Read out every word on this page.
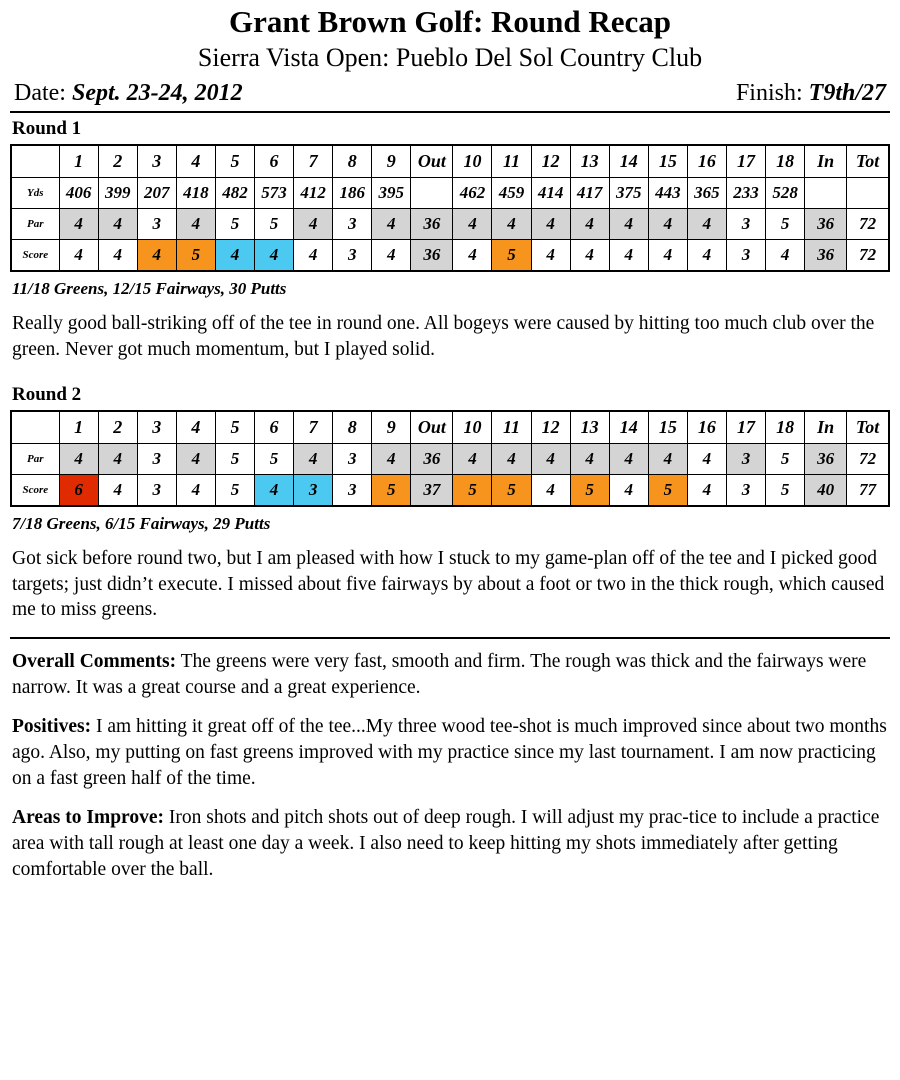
Grant Brown Golf: Round Recap
Sierra Vista Open: Pueblo Del Sol Country Club
Date: Sept. 23-24, 2012	Finish: T9th/27
Round 1
	1	2	3	4	5	6	7	8	9	Out	10	11	12	13	14	15	16	17	18	In	Tot
Yds	406	399	207	418	482	573	412	186	395		462	459	414	417	375	443	365	233	528		
Par	4	4	3	4	5	5	4	3	4	36	4	4	4	4	4	4	4	3	5	36	72
Score	4	4	4	5	4	4	4	3	4	36	4	5	4	4	4	4	4	3	4	36	72
11/18 Greens, 12/15 Fairways, 30 Putts
Really good ball-striking off of the tee in round one. All bogeys were caused by hitting too much club over the green. Never got much momentum, but I played solid.
Round 2
	1	2	3	4	5	6	7	8	9	Out	10	11	12	13	14	15	16	17	18	In	Tot
Par	4	4	3	4	5	5	4	3	4	36	4	4	4	4	4	4	4	3	5	36	72
Score	6	4	3	4	5	4	3	3	5	37	5	5	4	5	4	5	4	3	5	40	77
7/18 Greens, 6/15 Fairways, 29 Putts
Got sick before round two, but I am pleased with how I stuck to my game-plan off of the tee and I picked good targets; just didn’t execute. I missed about five fairways by about a foot or two in the thick rough, which caused me to miss greens.

Overall Comments: The greens were very fast, smooth and firm. The rough was thick and the fairways were narrow. It was a great course and a great experience.

Positives: I am hitting it great off of the tee...My three wood tee-shot is much improved since about two months ago. Also, my putting on fast greens improved with my practice since my last tournament. I am now practicing on a fast green half of the time.

Areas to Improve: Iron shots and pitch shots out of deep rough. I will adjust my prac-tice to include a practice area with tall rough at least one day a week. I also need to keep hitting my shots immediately after getting comfortable over the ball.
